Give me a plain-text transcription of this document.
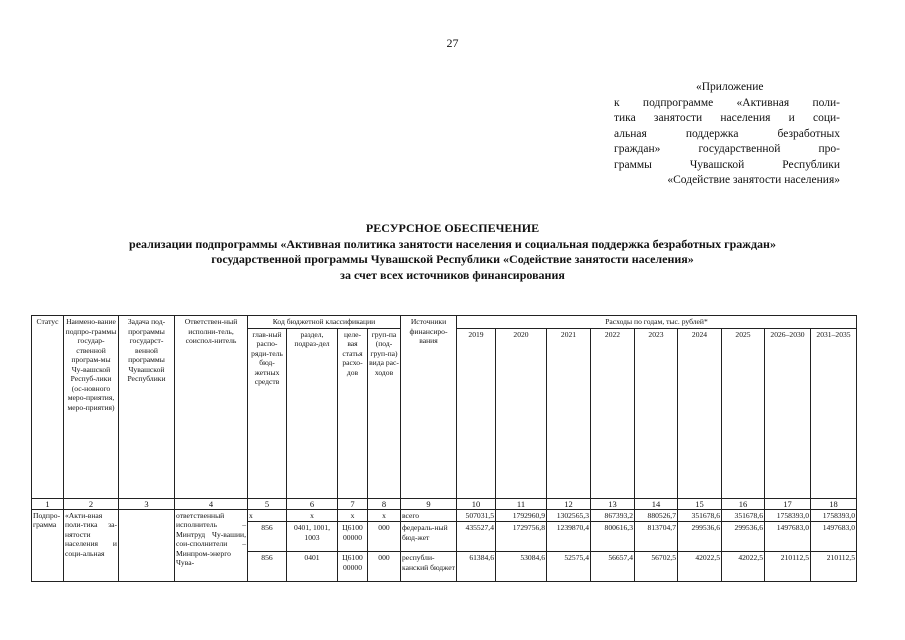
27
«Приложение
к подпрограмме «Активная поли-
тика занятости населения и соци-
альная поддержка безработных
граждан» государственной про-
граммы Чувашской Республики
«Содействие занятости населения»
РЕСУРСНОЕ ОБЕСПЕЧЕНИЕ
реализации подпрограммы «Активная политика занятости населения и социальная поддержка безработных граждан»
государственной программы Чувашской Республики «Содействие занятости населения»
за счет всех источников финансирования
Статус	Наимено-вание подпро-граммы государ-ственной програм-мы Чу-вашской Респуб-лики (ос-новного меро-приятия, меро-приятия)	Задача под-программы государст-венной программы Чувашской Республики	Ответствен-ный исполни-тель, соиспол-нитель	Код бюджетной классификации				Источники финансиро-вания	Расходы по годам, тыс. рублей*								
				глав-ный распо-ряди-тель бюд-жетных средств	раздел, подраз-дел	целе-вая статья расхо-дов	груп-па (под-груп-па) вида рас-ходов		2019	2020	2021	2022	2023	2024	2025	2026–2030	2031–2035
1	2	3	4	5	6	7	8	9	10	11	12	13	14	15	16	17	18
Подпро-грамма	«Акти-вная поли-тика за-нятости населения и соци-альная		ответственный исполнитель – Минтруд Чу-вашии, сои-сполнители – Минпром-энерго Чува-	x	x	x	x	всего	507031,5	1792960,9	1302565,3	867393,2	880526,7	351678,6	351678,6	1758393,0	1758393,0
				856	0401, 1001, 1003	Ц6100 00000	000	федераль-ный бюд-жет	435527,4	1729756,8	1239870,4	800616,3	813704,7	299536,6	299536,6	1497683,0	1497683,0
				856	0401	Ц6100 00000	000	республи-канский бюджет	61384,6	53084,6	52575,4	56657,4	56702,5	42022,5	42022,5	210112,5	210112,5
